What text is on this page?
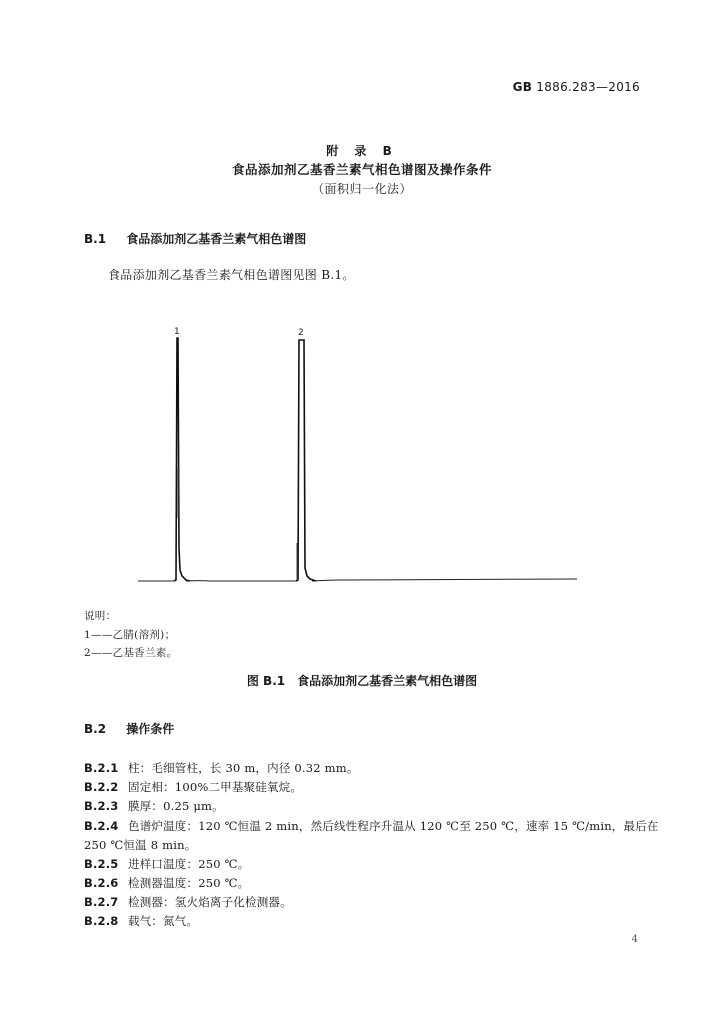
GB 1886.283—2016
附 录 B
食品添加剂乙基香兰素气相色谱图及操作条件
（面积归一化法）
B.1 食品添加剂乙基香兰素气相色谱图
食品添加剂乙基香兰素气相色谱图见图 B.1。
1	2
说明：
1——乙腈(溶剂)；
2——乙基香兰素。
图 B.1　食品添加剂乙基香兰素气相色谱图
B.2 操作条件
B.2.1 柱：毛细管柱，长 30 m，内径 0.32 mm。
B.2.2 固定相：100%二甲基聚硅氧烷。
B.2.3 膜厚：0.25 μm。
B.2.4 色谱炉温度：120 ℃恒温 2 min，然后线性程序升温从 120 ℃至 250 ℃，速率 15 ℃/min，最后在
250 ℃恒温 8 min。
B.2.5 进样口温度：250 ℃。
B.2.6 检测器温度：250 ℃。
B.2.7 检测器：氢火焰离子化检测器。
B.2.8 载气：氮气。
4
